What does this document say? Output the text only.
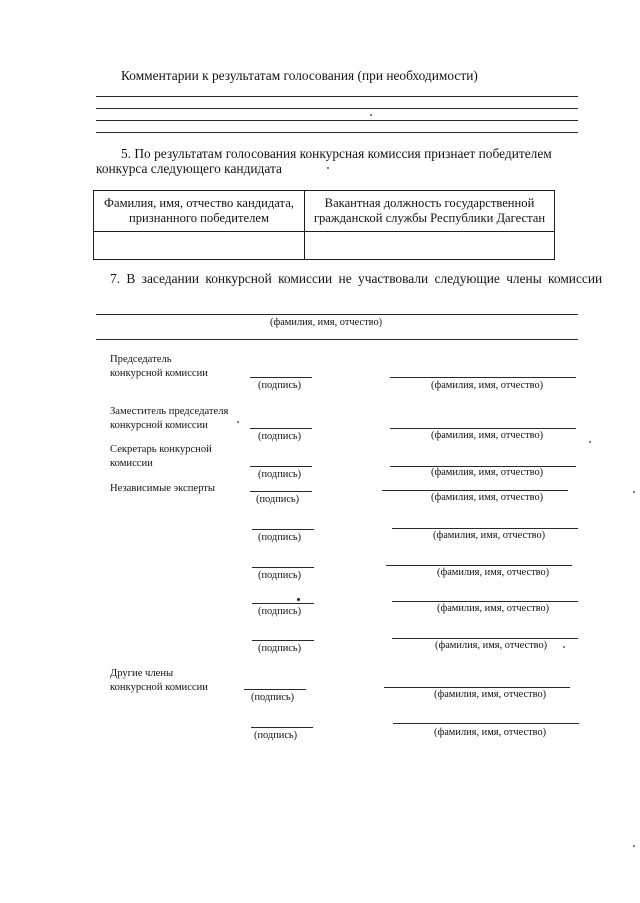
Комментарии к результатам голосования (при необходимости)
5. По результатам голосования конкурсная комиссия признает победителем
конкурса следующего кандидата
Фамилия, имя, отчество кандидата, признанного победителем	Вакантная должность государственной гражданской службы Республики Дагестан

7. В заседании конкурсной комиссии не участвовали следующие члены комиссии
(фамилия, имя, отчество)
Председатель конкурсной комиссии
(подпись)	(фамилия, имя, отчество)
Заместитель председателя конкурсной комиссии
(подпись)	(фамилия, имя, отчество)
Секретарь конкурсной комиссии
(подпись)	(фамилия, имя, отчество)
Независимые эксперты
(подпись)	(фамилия, имя, отчество)
(подпись)	(фамилия, имя, отчество)
(подпись)	(фамилия, имя, отчество)
(подпись)	(фамилия, имя, отчество)
(подпись)	(фамилия, имя, отчество)
Другие члены конкурсной комиссии
(подпись)	(фамилия, имя, отчество)
(подпись)	(фамилия, имя, отчество)
